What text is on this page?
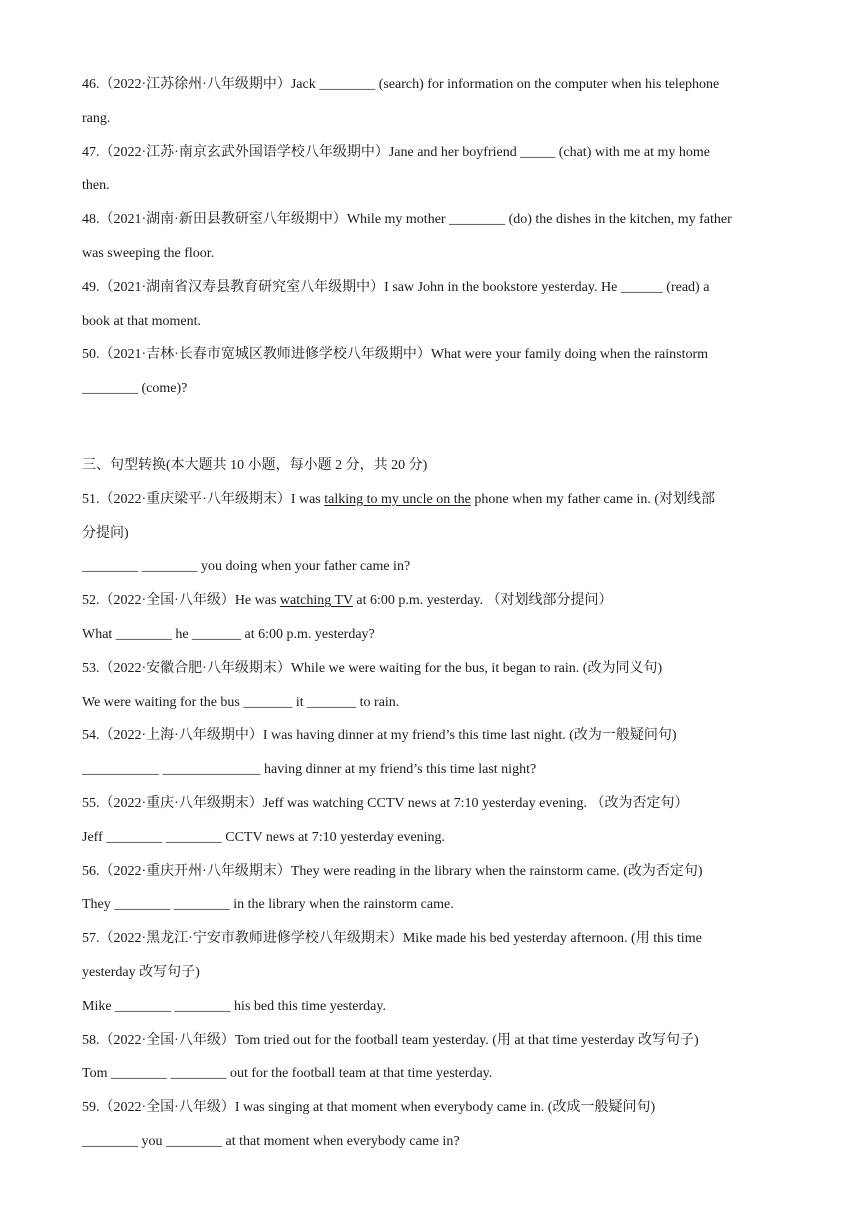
46.（2022·江苏徐州·八年级期中）Jack ________ (search) for information on the computer when his telephone
rang.
47.（2022·江苏·南京玄武外国语学校八年级期中）Jane and her boyfriend _____ (chat) with me at my home
then.
48.（2021·湖南·新田县教研室八年级期中）While my mother ________ (do) the dishes in the kitchen, my father
was sweeping the floor.
49.（2021·湖南省汉寿县教育研究室八年级期中）I saw John in the bookstore yesterday. He ______ (read) a
book at that moment.
50.（2021·吉林·长春市宽城区教师进修学校八年级期中）What were your family doing when the rainstorm
________ (come)?
三、句型转换(本大题共 10 小题，每小题 2 分，共 20 分)
51.（2022·重庆梁平·八年级期末）I was talking to my uncle on the phone when my father came in. (对划线部
分提问)
________ ________ you doing when your father came in?
52.（2022·全国·八年级）He was watching TV at 6:00 p.m. yesterday. （对划线部分提问）
What ________ he _______ at 6:00 p.m. yesterday?
53.（2022·安徽合肥·八年级期末）While we were waiting for the bus, it began to rain. (改为同义句)
We were waiting for the bus _______ it _______ to rain.
54.（2022·上海·八年级期中）I was having dinner at my friend’s this time last night. (改为一般疑问句)
___________ ______________ having dinner at my friend’s this time last night?
55.（2022·重庆·八年级期末）Jeff was watching CCTV news at 7:10 yesterday evening. （改为否定句）
Jeff ________ ________ CCTV news at 7:10 yesterday evening.
56.（2022·重庆开州·八年级期末）They were reading in the library when the rainstorm came. (改为否定句)
They ________ ________ in the library when the rainstorm came.
57.（2022·黑龙江·宁安市教师进修学校八年级期末）Mike made his bed yesterday afternoon. (用 this time
yesterday 改写句子)
Mike ________ ________ his bed this time yesterday.
58.（2022·全国·八年级）Tom tried out for the football team yesterday. (用 at that time yesterday 改写句子)
Tom ________ ________ out for the football team at that time yesterday.
59.（2022·全国·八年级）I was singing at that moment when everybody came in. (改成一般疑问句)
________ you ________ at that moment when everybody came in?
